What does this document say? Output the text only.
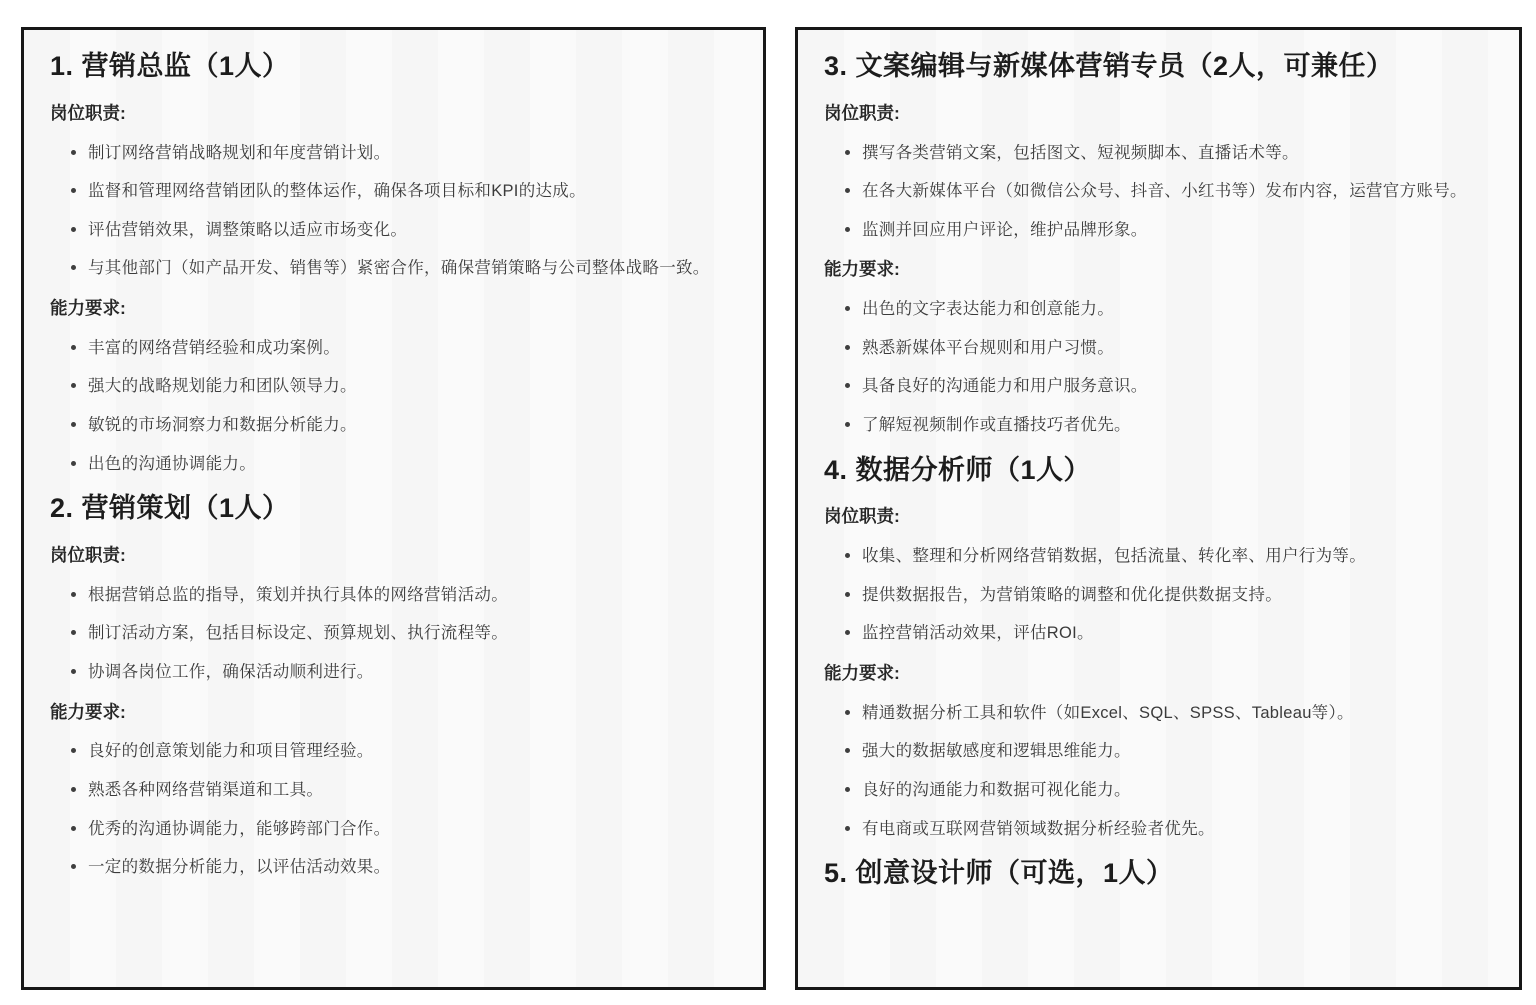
1. 营销总监（1人）
岗位职责:
制订网络营销战略规划和年度营销计划。
监督和管理网络营销团队的整体运作，确保各项目标和KPI的达成。
评估营销效果，调整策略以适应市场变化。
与其他部门（如产品开发、销售等）紧密合作，确保营销策略与公司整体战略一致。
能力要求:
丰富的网络营销经验和成功案例。
强大的战略规划能力和团队领导力。
敏锐的市场洞察力和数据分析能力。
出色的沟通协调能力。
2. 营销策划（1人）
岗位职责:
根据营销总监的指导，策划并执行具体的网络营销活动。
制订活动方案，包括目标设定、预算规划、执行流程等。
协调各岗位工作，确保活动顺利进行。
能力要求:
良好的创意策划能力和项目管理经验。
熟悉各种网络营销渠道和工具。
优秀的沟通协调能力，能够跨部门合作。
一定的数据分析能力，以评估活动效果。
3. 文案编辑与新媒体营销专员（2人，可兼任）
岗位职责:
撰写各类营销文案，包括图文、短视频脚本、直播话术等。
在各大新媒体平台（如微信公众号、抖音、小红书等）发布内容，运营官方账号。
监测并回应用户评论，维护品牌形象。
能力要求:
出色的文字表达能力和创意能力。
熟悉新媒体平台规则和用户习惯。
具备良好的沟通能力和用户服务意识。
了解短视频制作或直播技巧者优先。
4. 数据分析师（1人）
岗位职责:
收集、整理和分析网络营销数据，包括流量、转化率、用户行为等。
提供数据报告，为营销策略的调整和优化提供数据支持。
监控营销活动效果，评估ROI。
能力要求:
精通数据分析工具和软件（如Excel、SQL、SPSS、Tableau等）。
强大的数据敏感度和逻辑思维能力。
良好的沟通能力和数据可视化能力。
有电商或互联网营销领域数据分析经验者优先。
5. 创意设计师（可选，1人）
